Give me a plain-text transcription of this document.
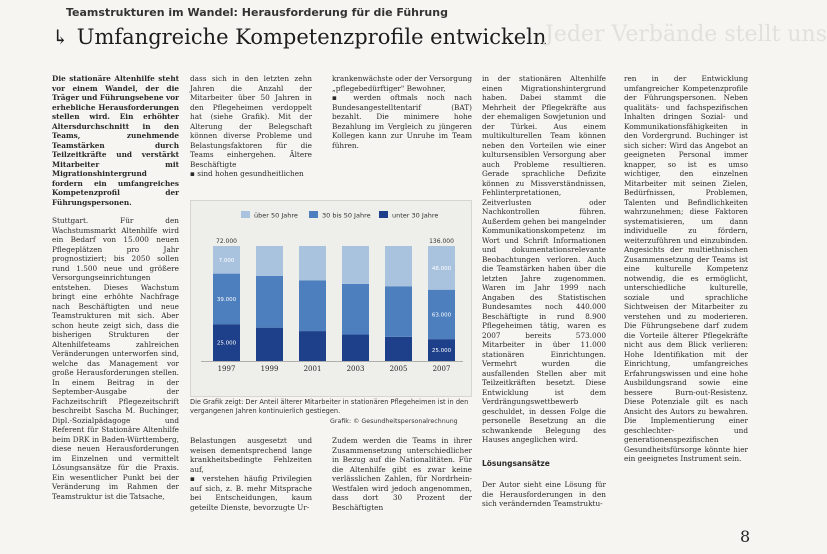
Teamstrukturen im Wandel: Herausforderung für die Führung
↳ Umfangreiche Kompetenzprofile entwickeln
Jeder Verbände stellt uns

Die stationäre Altenhilfe steht vor einem Wandel, der die Träger und Führungsebene vor erhebliche Herausforderungen stellen wird. Ein erhöhter Altersdurchschnitt in den Teams, zunehmende Teamstärken durch Teilzeitkräfte und verstärkt Mitarbeiter mit Migrationshintergrund fordern ein umfangreiches Kompetenzprofil der Führungspersonen.

Stuttgart. Für den Wachstumsmarkt Altenhilfe wird ein Bedarf von 15.000 neuen Pflegeplätzen pro Jahr prognostiziert; bis 2050 sollen rund 1.500 neue und größere Versorgungseinrichtungen entstehen. Dieses Wachstum bringt eine erhöhte Nachfrage nach Beschäftigten und neue Teamstrukturen mit sich. Aber schon heute zeigt sich, dass die bisherigen Strukturen der Altenhilfeteams zahlreichen Veränderungen unterworfen sind, welche das Management vor große Herausforderungen stellen. In einem Beitrag in der September-Ausgabe der Fachzeitschrift Pflegezeitschrift beschreibt Sascha M. Buchinger, Dipl.-Sozialpädagoge und Referent für Stationäre Altenhilfe beim DRK in Baden-Württemberg, diese neuen Herausforderungen im Einzelnen und vermittelt Lösungsansätze für die Praxis. Ein wesentlicher Punkt bei der Veränderung im Rahmen der Teamstruktur ist die Tatsache,

dass sich in den letzten zehn Jahren die Anzahl der Mitarbeiter über 50 Jahren in den Pflegeheimen verdoppelt hat (siehe Grafik). Mit der Alterung der Belegschaft können diverse Probleme und Belastungsfaktoren für die Teams einhergehen. Ältere Beschäftigte

▪ sind hohen gesundheitlichen

krankenwächste oder der Versorgung „pflegebedürftiger" Bewohner,

▪ werden oftmals noch nach Bundesangestelltentarif (BAT) bezahlt. Die minimere hohe Bezahlung im Vergleich zu jüngeren Kollegen kann zur Unruhe im Team führen.

in der stationären Altenhilfe einen Migrationshintergrund haben. Dabei stammt die Mehrheit der Pflegekräfte aus der ehemaligen Sowjetunion und der Türkei. Aus einem multikulturellen Team können neben den Vorteilen wie einer kultursensiblen Versorgung aber auch Probleme resultieren. Gerade sprachliche Defizite können zu Missverständnissen, Fehlinterpretationen, Zeitverlusten oder Nachkontrollen führen. Außerdem gehen bei mangelnder Kommunikationskompetenz im Wort und Schrift Informationen und dokumentationsrelevante Beobachtungen verloren. Auch die Teamstärken haben über die letzten Jahre zugenommen. Waren im Jahr 1999 nach Angaben des Statistischen Bundesamtes noch 440.000 Beschäftigte in rund 8.900 Pflegeheimen tätig, waren es 2007 bereits 573.000 Mitarbeiter in über 11.000 stationären Einrichtungen. Vermehrt wurden die ausfallenden Stellen aber mit Teilzeitkräften besetzt. Diese Entwicklung ist dem Verdrängungswettbewerb geschuldet, in dessen Folge die personelle Besetzung an die schwankende Belegung des Hauses angeglichen wird.

Lösungsansätze

Der Autor sieht eine Lösung für die Herausforderungen in den sich verändernden Teamstruktu-

ren in der Entwicklung umfangreicher Kompetenzprofile der Führungspersonen. Neben qualitäts- und fachspezifischen Inhalten dringen Sozial- und Kommunikationsfähigkeiten in den Vordergrund. Buchinger ist sich sicher: Wird das Angebot an geeigneten Personal immer knapper, so ist es umso wichtiger, den einzelnen Mitarbeiter mit seinen Zielen, Bedürfnissen, Problemen, Talenten und Befindlichkeiten wahrzunehmen; diese Faktoren systematisieren, um dann individuelle zu fördern, weiterzuführen und einzubinden. Angesichts der multiethnischen Zusammensetzung der Teams ist eine kulturelle Kompetenz notwendig, die es ermöglicht, unterschiedliche kulturelle, soziale und sprachliche Sichtweisen der Mitarbeiter zu verstehen und zu moderieren. Die Führungsebene darf zudem die Vorteile älterer Pflegekräfte nicht aus dem Blick verlieren: Hohe Identifikation mit der Einrichtung, umfangreiches Erfahrungswissen und eine hohe Ausbildungsrand sowie eine bessere Burn-out-Resistenz. Diese Potenziale gilt es nach Ansicht des Autors zu bewahren. Die Implementierung einer geschlechter- und generationenspezifischen Gesundheitsfürsorge könnte hier ein geeignetes Instrument sein.

Belastungen ausgesetzt und weisen dementsprechend lange krankheitsbedingte Fehlzeiten auf,

▪ verstehen häufig Privilegien auf sich, z. B. mehr Mitsprache bei Entscheidungen, kaum geteilte Dienste, bevorzugte Ur-

Zudem werden die Teams in ihrer Zusammensetzung unterschiedlicher in Bezug auf die Nationalitäten. Für die Altenhilfe gibt es zwar keine verlässlichen Zahlen, für Nordrhein-Westfalen wird jedoch angenommen, dass dort 30 Prozent der Beschäftigten

über 50 Jahre	30 bis 50 Jahre	unter 30 Jahre
1997
72.000
7.000
39.000
25.000
1999	2001	2003	2005	2007
136.000
48.000
63.000
25.000
Die Grafik zeigt: Der Anteil älterer Mitarbeiter in stationären Pflegeheimen ist in den vergangenen Jahren kontinuierlich gestiegen.
Grafik: © Gesundheitspersonalrechnung
8
